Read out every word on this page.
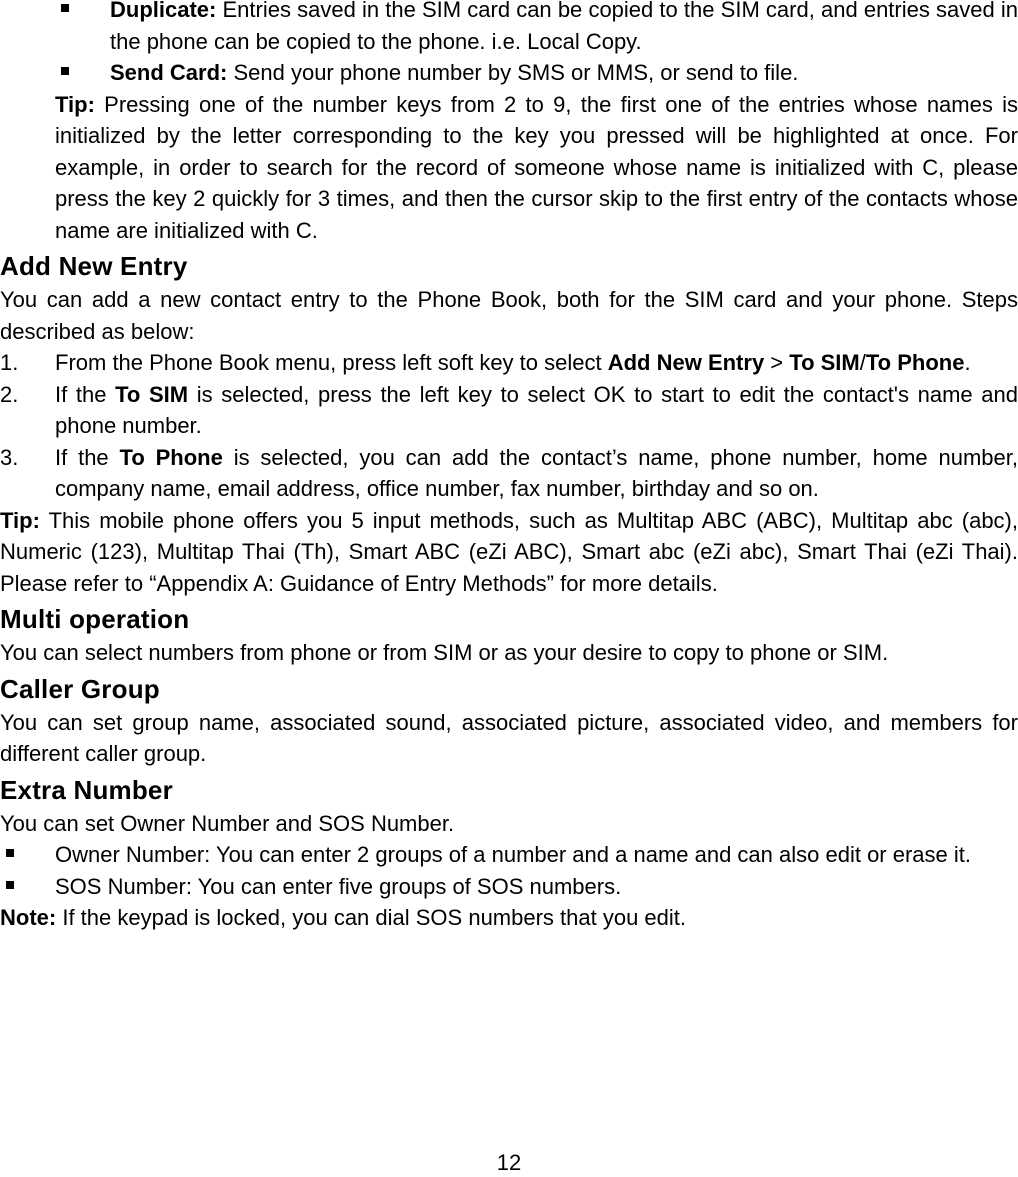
Duplicate: Entries saved in the SIM card can be copied to the SIM card, and entries saved in the phone can be copied to the phone. i.e. Local Copy.

Send Card: Send your phone number by SMS or MMS, or send to file.

Tip: Pressing one of the number keys from 2 to 9, the first one of the entries whose names is initialized by the letter corresponding to the key you pressed will be highlighted at once. For example, in order to search for the record of someone whose name is initialized with C, please press the key 2 quickly for 3 times, and then the cursor skip to the first entry of the contacts whose name are initialized with C.

Add New Entry

You can add a new contact entry to the Phone Book, both for the SIM card and your phone. Steps described as below:

1. From the Phone Book menu, press left soft key to select Add New Entry > To SIM/To Phone.
2. If the To SIM is selected, press the left key to select OK to start to edit the contact's name and phone number.
3. If the To Phone is selected, you can add the contact’s name, phone number, home number, company name, email address, office number, fax number, birthday and so on.

Tip: This mobile phone offers you 5 input methods, such as Multitap ABC (ABC), Multitap abc (abc), Numeric (123), Multitap Thai (Th), Smart ABC (eZi ABC), Smart abc (eZi abc), Smart Thai (eZi Thai). Please refer to “Appendix A: Guidance of Entry Methods” for more details.

Multi operation

You can select numbers from phone or from SIM or as your desire to copy to phone or SIM.

Caller Group

You can set group name, associated sound, associated picture, associated video, and members for different caller group.

Extra Number

You can set Owner Number and SOS Number.

Owner Number: You can enter 2 groups of a number and a name and can also edit or erase it.

SOS Number: You can enter five groups of SOS numbers.

Note: If the keypad is locked, you can dial SOS numbers that you edit.

12
